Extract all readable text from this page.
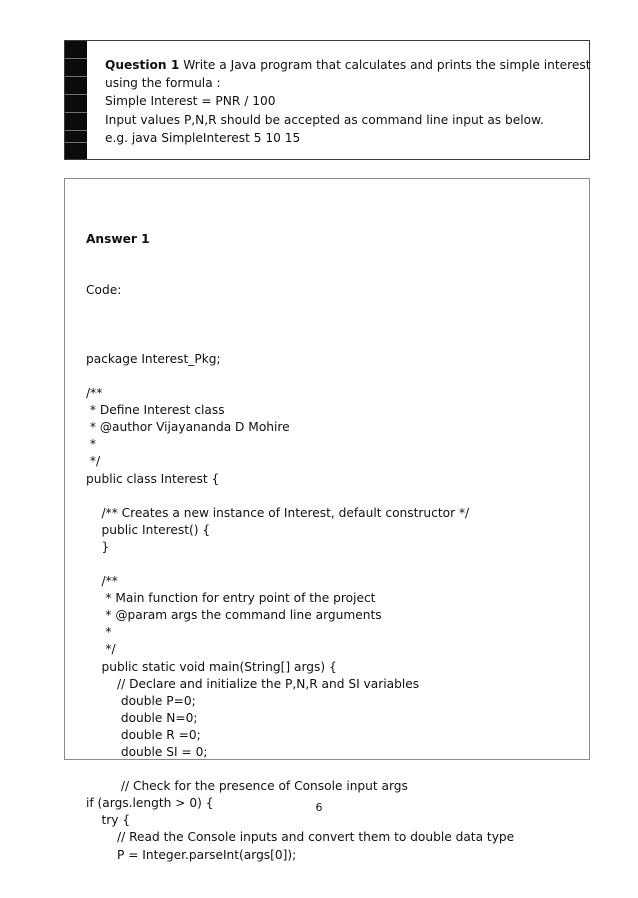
Question 1 Write a Java program that calculates and prints the simple interest
using the formula :
Simple Interest = PNR / 100
Input values P,N,R should be accepted as command line input as below.
e.g. java SimpleInterest 5 10 15

Answer 1

Code:

package Interest_Pkg;
/**
* Define Interest class
* @author Vijayananda D Mohire
*
*/
public class Interest {
/** Creates a new instance of Interest, default constructor */
public Interest() {
}
/**
* Main function for entry point of the project
* @param args the command line arguments
*
*/
public static void main(String[] args) {
// Declare and initialize the P,N,R and SI variables
double P=0;
double N=0;
double R =0;
double SI = 0;
// Check for the presence of Console input args
if (args.length > 0) {
try {
// Read the Console inputs and convert them to double data type
P = Integer.parseInt(args[0]);

6
